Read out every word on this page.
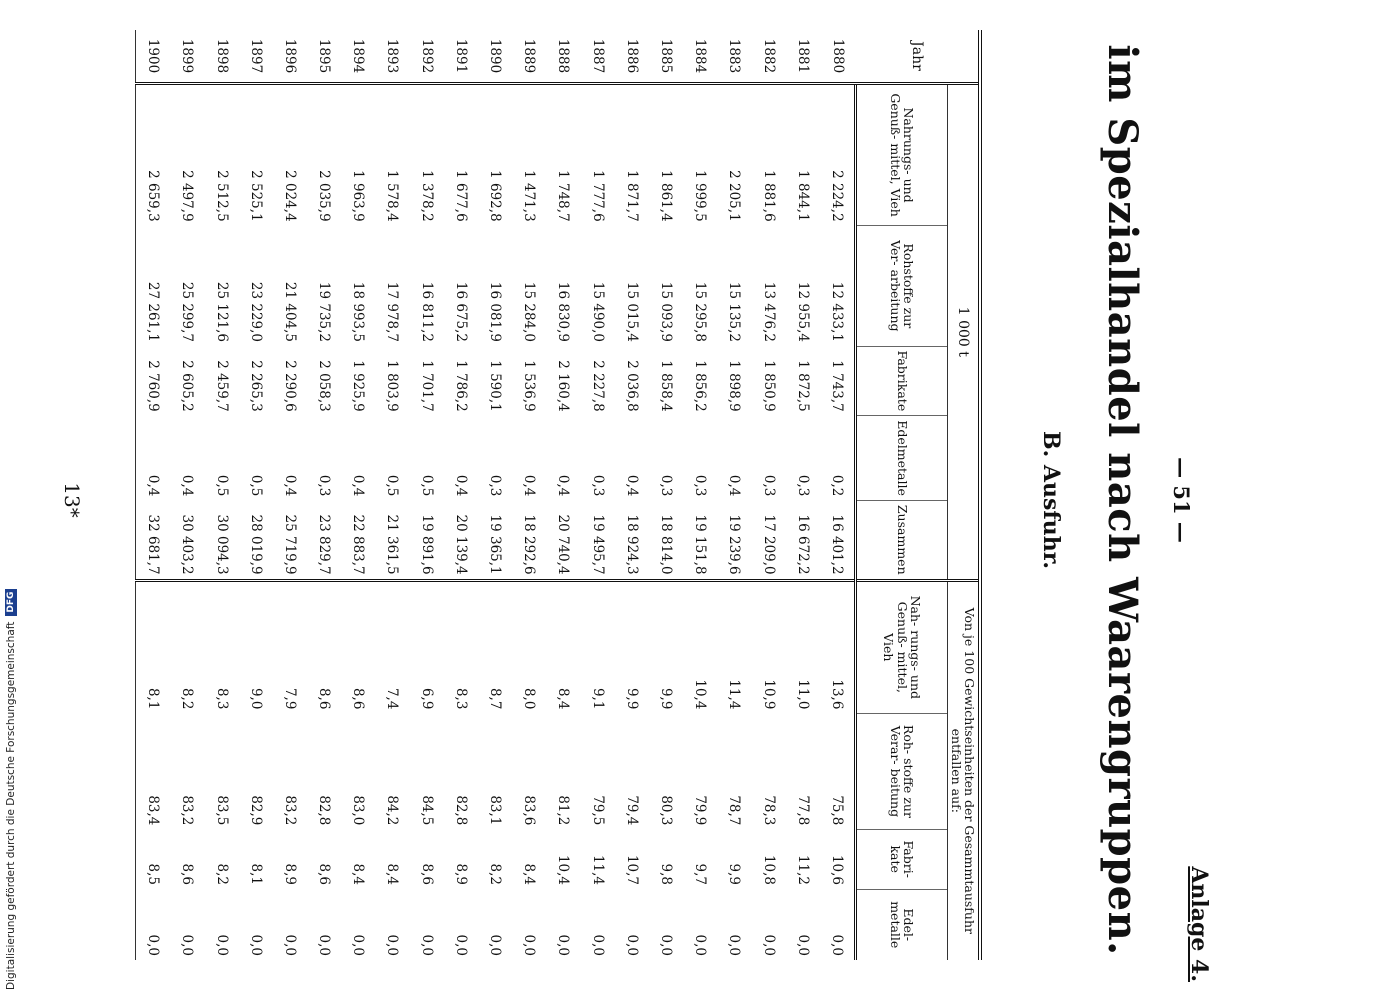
Digitalisierung gefördert durch die Deutsche Forschungsgemeinschaft
DFG
Anlage 4.
— 51 —
im Spezialhandel nach Waarengruppen.
B. Ausfuhr.
Jahr	1 000 t					Von je 100 Gewichtseinheiten der Gesammtausfuhr entfallen auf:			
	Nahrungs- und Genuß- mittel, Vieh	Rohstoffe zur Ver- arbeitung	Fabrikate	Edelmetalle	Zusammen	Nah- rungs- und Genuß- mittel, Vieh	Roh- stoffe zur Verar- beitung	Fabri- kate	Edel- metalle
1880	2 224,2	12 433,1	1 743,7	0,2	16 401,2	13,6	75,8	10,6	0,0
1881	1 844,1	12 955,4	1 872,5	0,3	16 672,2	11,0	77,8	11,2	0,0
1882	1 881,6	13 476,2	1 850,9	0,3	17 209,0	10,9	78,3	10,8	0,0
1883	2 205,1	15 135,2	1 898,9	0,4	19 239,6	11,4	78,7	9,9	0,0
1884	1 999,5	15 295,8	1 856,2	0,3	19 151,8	10,4	79,9	9,7	0,0
1885	1 861,4	15 093,9	1 858,4	0,3	18 814,0	9,9	80,3	9,8	0,0
1886	1 871,7	15 015,4	2 036,8	0,4	18 924,3	9,9	79,4	10,7	0,0
1887	1 777,6	15 490,0	2 227,8	0,3	19 495,7	9,1	79,5	11,4	0,0
1888	1 748,7	16 830,9	2 160,4	0,4	20 740,4	8,4	81,2	10,4	0,0
1889	1 471,3	15 284,0	1 536,9	0,4	18 292,6	8,0	83,6	8,4	0,0
1890	1 692,8	16 081,9	1 590,1	0,3	19 365,1	8,7	83,1	8,2	0,0
1891	1 677,6	16 675,2	1 786,2	0,4	20 139,4	8,3	82,8	8,9	0,0
1892	1 378,2	16 811,2	1 701,7	0,5	19 891,6	6,9	84,5	8,6	0,0
1893	1 578,4	17 978,7	1 803,9	0,5	21 361,5	7,4	84,2	8,4	0,0
1894	1 963,9	18 993,5	1 925,9	0,4	22 883,7	8,6	83,0	8,4	0,0
1895	2 035,9	19 735,2	2 058,3	0,3	23 829,7	8,6	82,8	8,6	0,0
1896	2 024,4	21 404,5	2 290,6	0,4	25 719,9	7,9	83,2	8,9	0,0
1897	2 525,1	23 229,0	2 265,3	0,5	28 019,9	9,0	82,9	8,1	0,0
1898	2 512,5	25 121,6	2 459,7	0,5	30 094,3	8,3	83,5	8,2	0,0
1899	2 497,9	25 299,7	2 605,2	0,4	30 403,2	8,2	83,2	8,6	0,0
1900	2 659,3	27 261,1	2 760,9	0,4	32 681,7	8,1	83,4	8,5	0,0
13*
